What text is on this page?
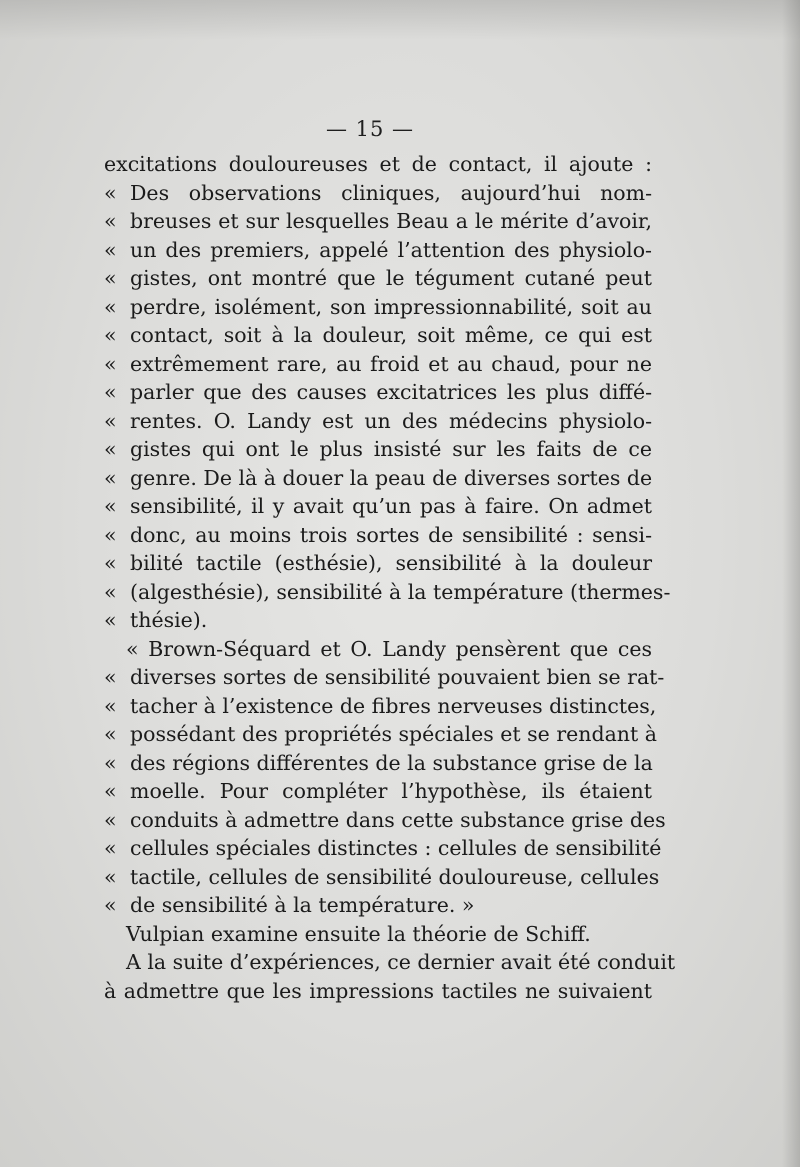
— 15 —
excitations douloureuses et de contact, il ajoute :
« Des observations cliniques, aujourd’hui nom-
« breuses et sur lesquelles Beau a le mérite d’avoir,
« un des premiers, appelé l’attention des physiolo-
« gistes, ont montré que le tégument cutané peut
« perdre, isolément, son impressionnabilité, soit au
« contact, soit à la douleur, soit même, ce qui est
« extrêmement rare, au froid et au chaud, pour ne
« parler que des causes excitatrices les plus diffé-
« rentes. O. Landy est un des médecins physiolo-
« gistes qui ont le plus insisté sur les faits de ce
« genre. De là à douer la peau de diverses sortes de
« sensibilité, il y avait qu’un pas à faire. On admet
« donc, au moins trois sortes de sensibilité : sensi-
« bilité tactile (esthésie), sensibilité à la douleur
« (algesthésie), sensibilité à la température (thermes-
« thésie).
« Brown-Séquard et O. Landy pensèrent que ces
« diverses sortes de sensibilité pouvaient bien se rat-
« tacher à l’existence de fibres nerveuses distinctes,
« possédant des propriétés spéciales et se rendant à
« des régions différentes de la substance grise de la
« moelle. Pour compléter l’hypothèse, ils étaient
« conduits à admettre dans cette substance grise des
« cellules spéciales distinctes : cellules de sensibilité
« tactile, cellules de sensibilité douloureuse, cellules
« de sensibilité à la température. »
Vulpian examine ensuite la théorie de Schiff.
A la suite d’expériences, ce dernier avait été conduit
à admettre que les impressions tactiles ne suivaient
